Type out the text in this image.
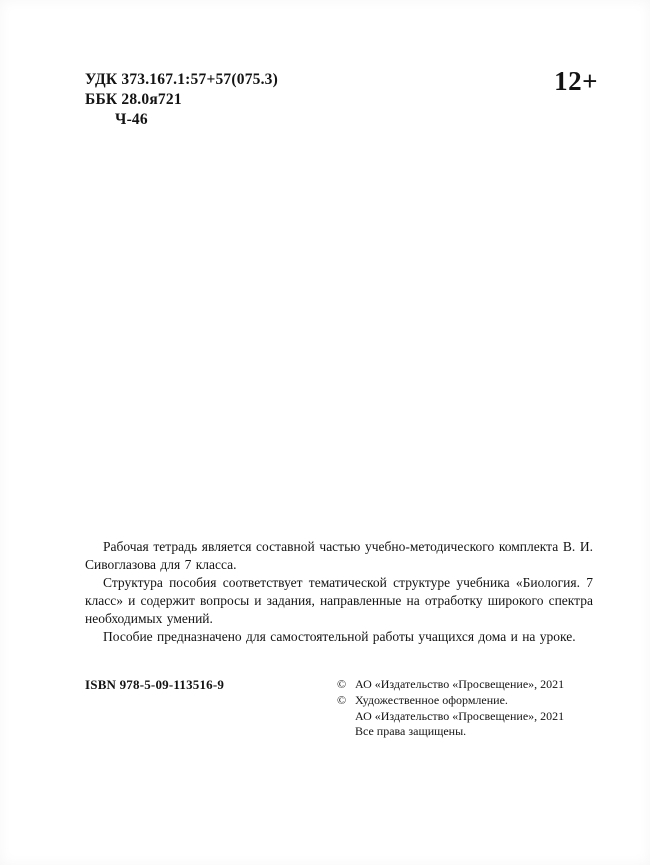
УДК 373.167.1:57+57(075.3)
ББК 28.0я721
Ч-46
12+

Рабочая тетрадь является составной частью учебно-методического комплекта В. И. Сивоглазова для 7 класса.

Структура пособия соответствует тематической структуре учебника «Биология. 7 класс» и содержит вопросы и задания, направленные на отработку широкого спектра необходимых умений.

Пособие предназначено для самостоятельной работы учащихся дома и на уроке.

ISBN 978-5-09-113516-9	© АО «Издательство «Просвещение», 2021
© Художественное оформление.
АО «Издательство «Просвещение», 2021
Все права защищены.
